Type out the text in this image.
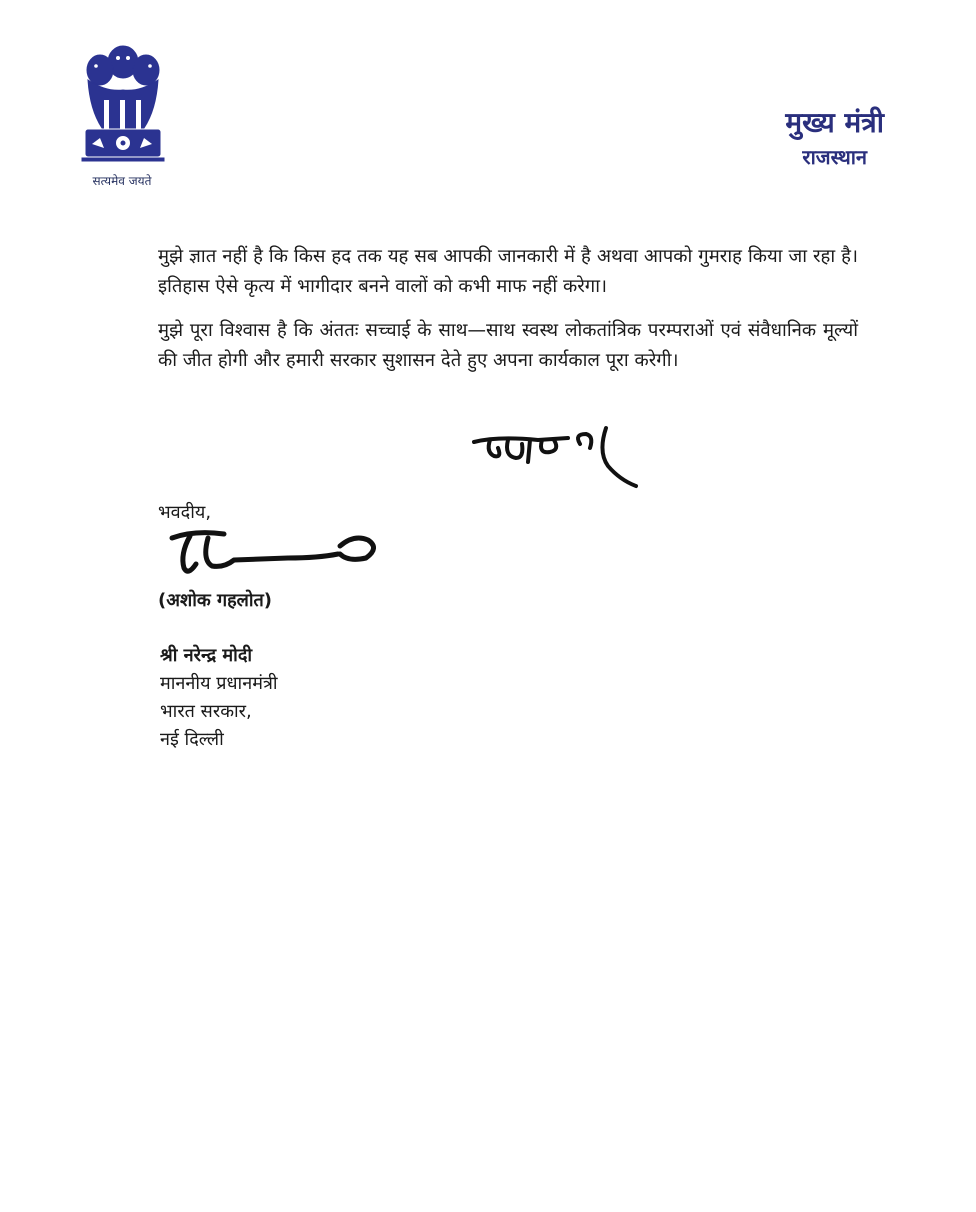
सत्यमेव जयते
मुख्य मंत्री
राजस्थान

मुझे ज्ञात नहीं है कि किस हद तक यह सब आपकी जानकारी में है अथवा आपको गुमराह किया जा रहा है। इतिहास ऐसे कृत्य में भागीदार बनने वालों को कभी माफ नहीं करेगा।

मुझे पूरा विश्वास है कि अंततः सच्चाई के साथ—साथ स्वस्थ लोकतांत्रिक परम्पराओं एवं संवैधानिक मूल्यों की जीत होगी और हमारी सरकार सुशासन देते हुए अपना कार्यकाल पूरा करेगी।

भवदीय,
(अशोक गहलोत)
श्री नरेन्द्र मोदी
माननीय प्रधानमंत्री
भारत सरकार,
नई दिल्ली
